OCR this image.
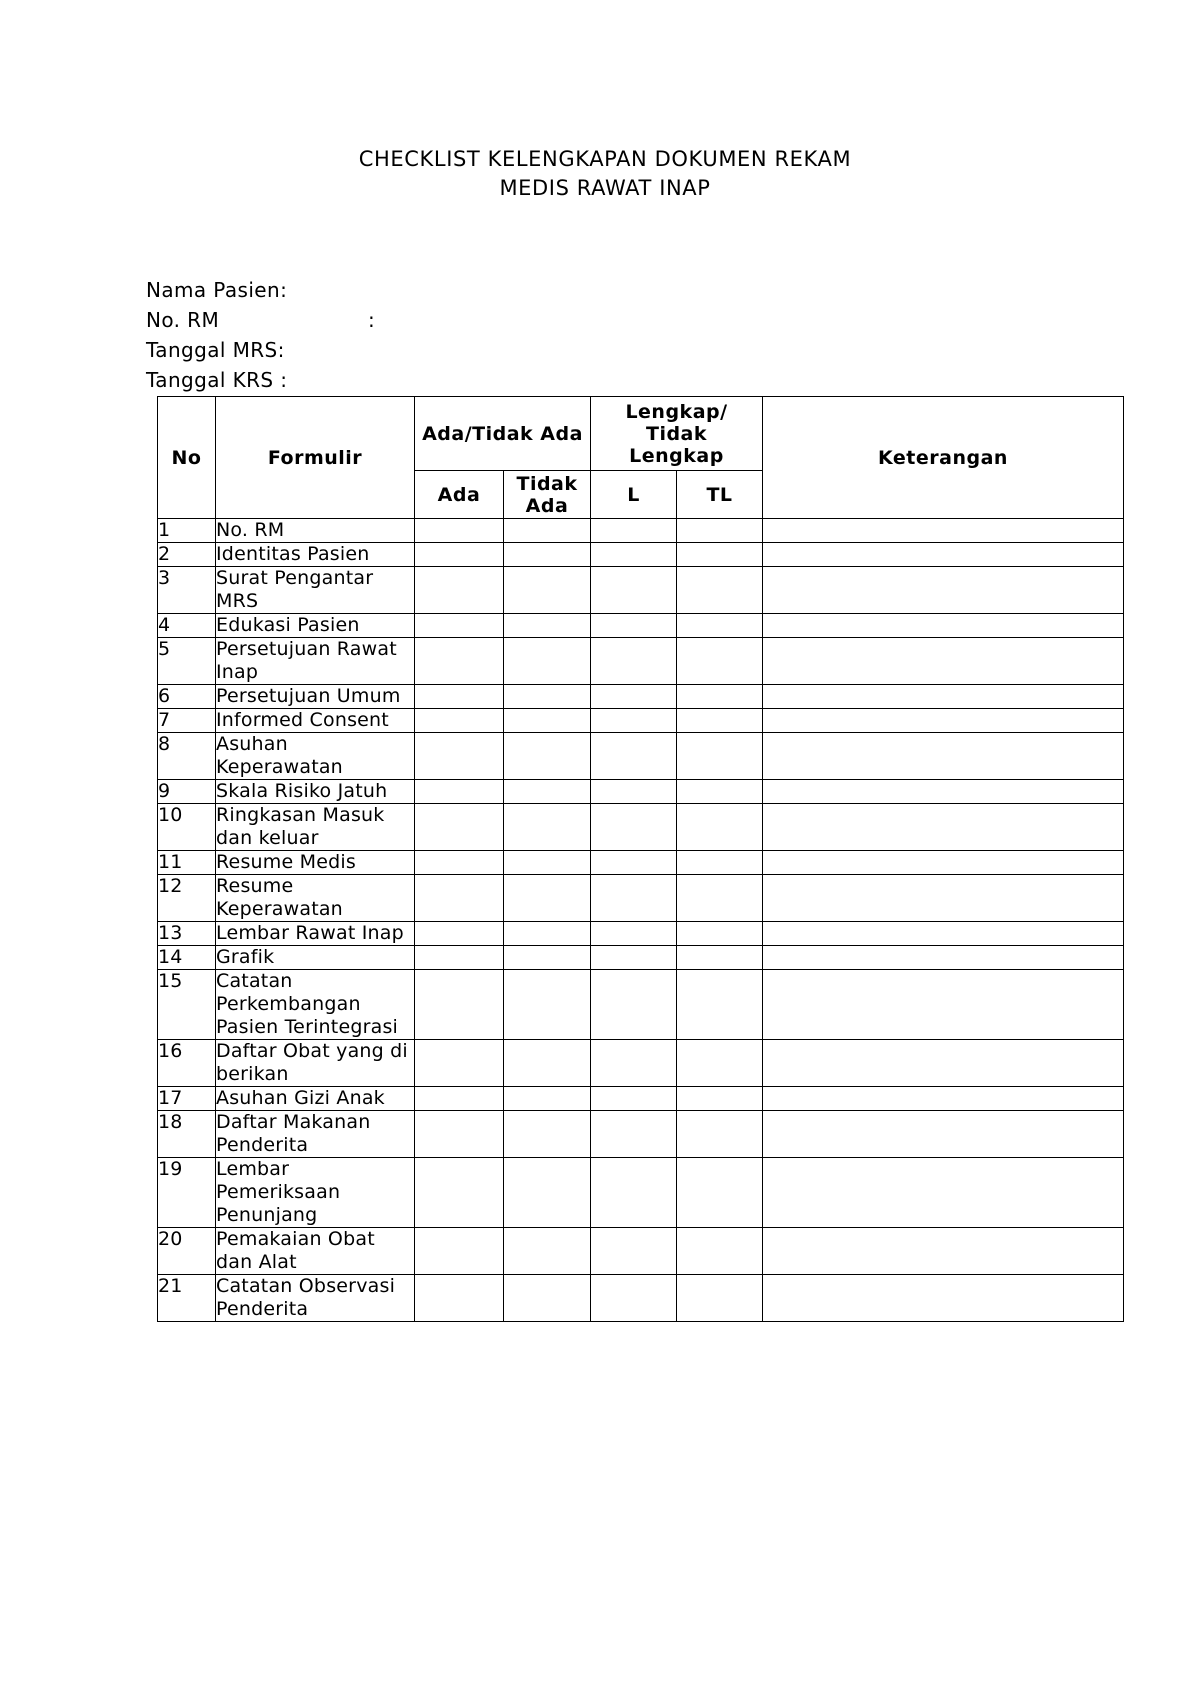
CHECKLIST KELENGKAPAN DOKUMEN REKAM
MEDIS RAWAT INAP
Nama Pasien:
No. RM	:
Tanggal MRS:
Tanggal KRS :
No	Formulir	Ada/Tidak Ada		Lengkap/ Tidak Lengkap		Keterangan
		Ada	Tidak Ada	L	TL	
1	No. RM					
2	Identitas Pasien					
3	Surat Pengantar MRS					
4	Edukasi Pasien					
5	Persetujuan Rawat Inap					
6	Persetujuan Umum					
7	Informed Consent					
8	Asuhan Keperawatan					
9	Skala Risiko Jatuh					
10	Ringkasan Masuk dan keluar					
11	Resume Medis					
12	Resume Keperawatan					
13	Lembar Rawat Inap					
14	Grafik					
15	Catatan Perkembangan Pasien Terintegrasi					
16	Daftar Obat yang di berikan					
17	Asuhan Gizi Anak					
18	Daftar Makanan Penderita					
19	Lembar Pemeriksaan Penunjang					
20	Pemakaian Obat dan Alat					
21	Catatan Observasi Penderita					
